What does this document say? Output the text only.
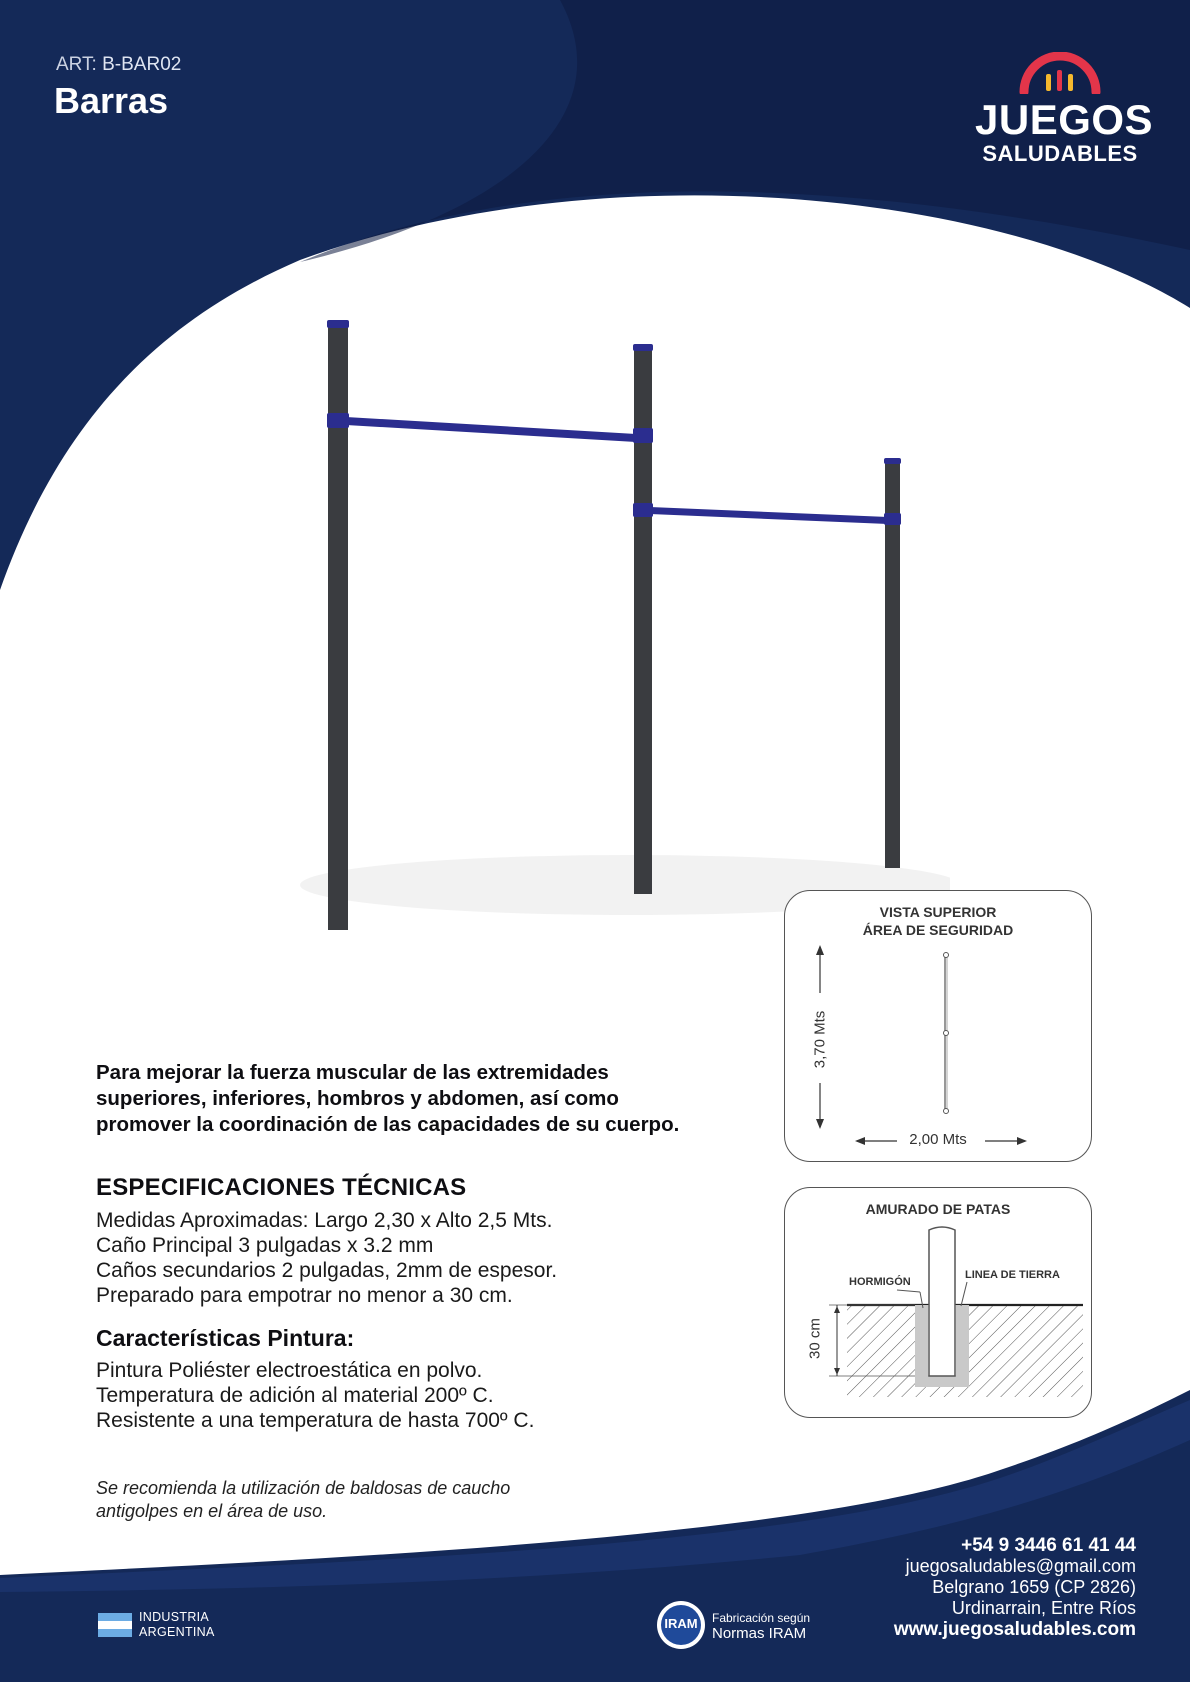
ART: B-BAR02
Barras	JUEGOS
SALUDABLES
Para mejorar la fuerza muscular de las extremidades
superiores, inferiores, hombros y abdomen, así como
promover la coordinación de las capacidades de su cuerpo.
ESPECIFICACIONES TÉCNICAS
Medidas Aproximadas: Largo 2,30 x Alto 2,5 Mts.
Caño Principal 3 pulgadas x 3.2 mm
Caños secundarios 2 pulgadas, 2mm de espesor.
Preparado para empotrar no menor a 30 cm.
Características Pintura:
Pintura Poliéster electroestática en polvo.
Temperatura de adición al material 200º C.
Resistente a una temperatura de hasta 700º C.
Se recomienda la utilización de baldosas de caucho
antigolpes en el área de uso.
VISTA SUPERIOR
ÁREA DE SEGURIDAD
3,70 Mts
2,00 Mts
AMURADO DE PATAS
HORMIGÓN
LINEA DE TIERRA
30 cm
+54 9 3446 61 41 44
juegosaludables@gmail.com
Belgrano 1659 (CP 2826)
Urdinarrain, Entre Ríos
www.juegosaludables.com
INDUSTRIA
ARGENTINA
IRAM	Fabricación según
Normas IRAM
